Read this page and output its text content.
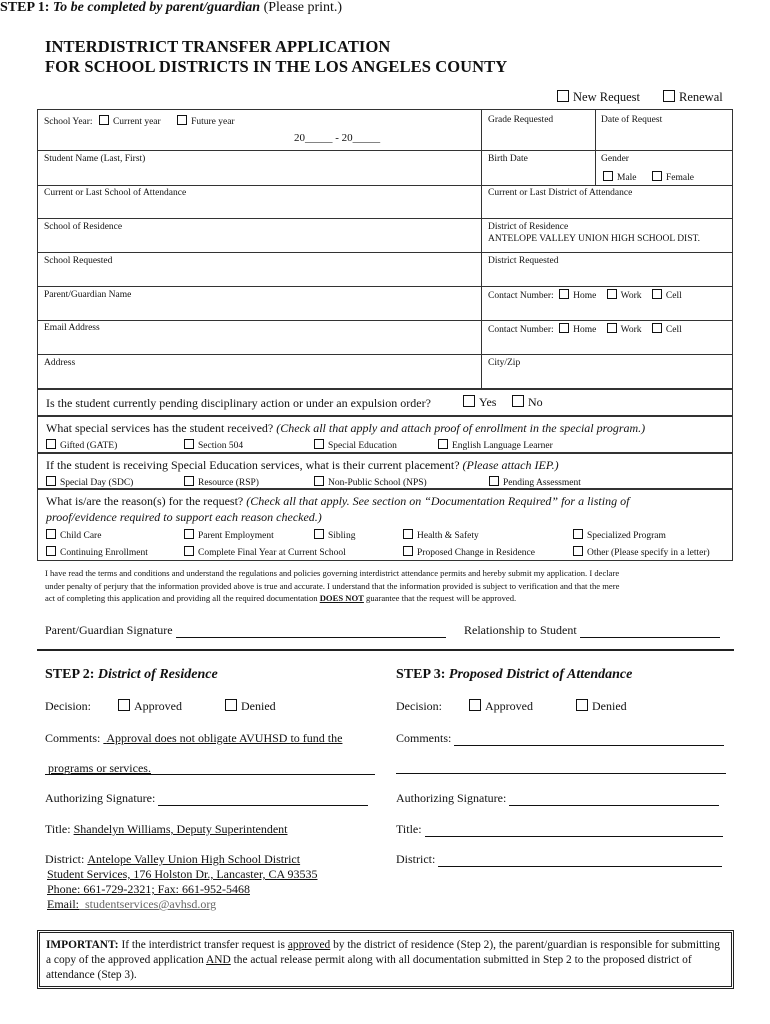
INTERDISTRICT TRANSFER APPLICATION
FOR SCHOOL DISTRICTS IN THE LOS ANGELES COUNTY
STEP 1: To be completed by parent/guardian (Please print.)
New Request	Renewal
School Year: Current year	Future year
20_____ - 20_____
Grade Requested	Date of Request
Student Name (Last, First)	Birth Date	Gender
Male	Female
Current or Last School of Attendance	Current or Last District of Attendance
School of Residence	District of Residence
ANTELOPE VALLEY UNION HIGH SCHOOL DIST.
School Requested	District Requested
Parent/Guardian Name	Contact Number: Home	Work	Cell
Email Address	Contact Number: Home	Work	Cell
Address	City/Zip
Is the student currently pending disciplinary action or under an expulsion order?	Yes	No
What special services has the student received? (Check all that apply and attach proof of enrollment in the special program.)
Gifted (GATE)	Section 504	Special Education	English Language Learner
If the student is receiving Special Education services, what is their current placement? (Please attach IEP.)
Special Day (SDC)	Resource (RSP)	Non-Public School (NPS)	Pending Assessment
What is/are the reason(s) for the request? (Check all that apply. See section on “Documentation Required” for a listing of
proof/evidence required to support each reason checked.)
Child Care	Parent Employment	Sibling	Health & Safety	Specialized Program
Continuing Enrollment	Complete Final Year at Current School	Proposed Change in Residence	Other (Please specify in a letter)
I have read the terms and conditions and understand the regulations and policies governing interdistrict attendance permits and hereby submit my application. I declare
under penalty of perjury that the information provided above is true and accurate. I understand that the information provided is subject to verification and that the mere
act of completing this application and providing all the required documentation DOES NOT guarantee that the request will be approved.
Parent/Guardian Signature	Relationship to Student
STEP 2: District of Residence
Decision:	Approved	Denied
Comments: Approval does not obligate AVUHSD to fund the
programs or services.
Authorizing Signature:
Title: Shandelyn Williams, Deputy Superintendent
District: Antelope Valley Union High School District
Student Services, 176 Holston Dr., Lancaster, CA 93535
Phone: 661-729-2321; Fax: 661-952-5468
Email: studentservices@avhsd.org
STEP 3: Proposed District of Attendance
Decision:	Approved	Denied
Comments:
Authorizing Signature:
Title:
District:
IMPORTANT: If the interdistrict transfer request is approved by the district of residence (Step 2), the parent/guardian is responsible for submitting a copy of the approved application AND the actual release permit along with all documentation submitted in Step 2 to the proposed district of attendance (Step 3).
